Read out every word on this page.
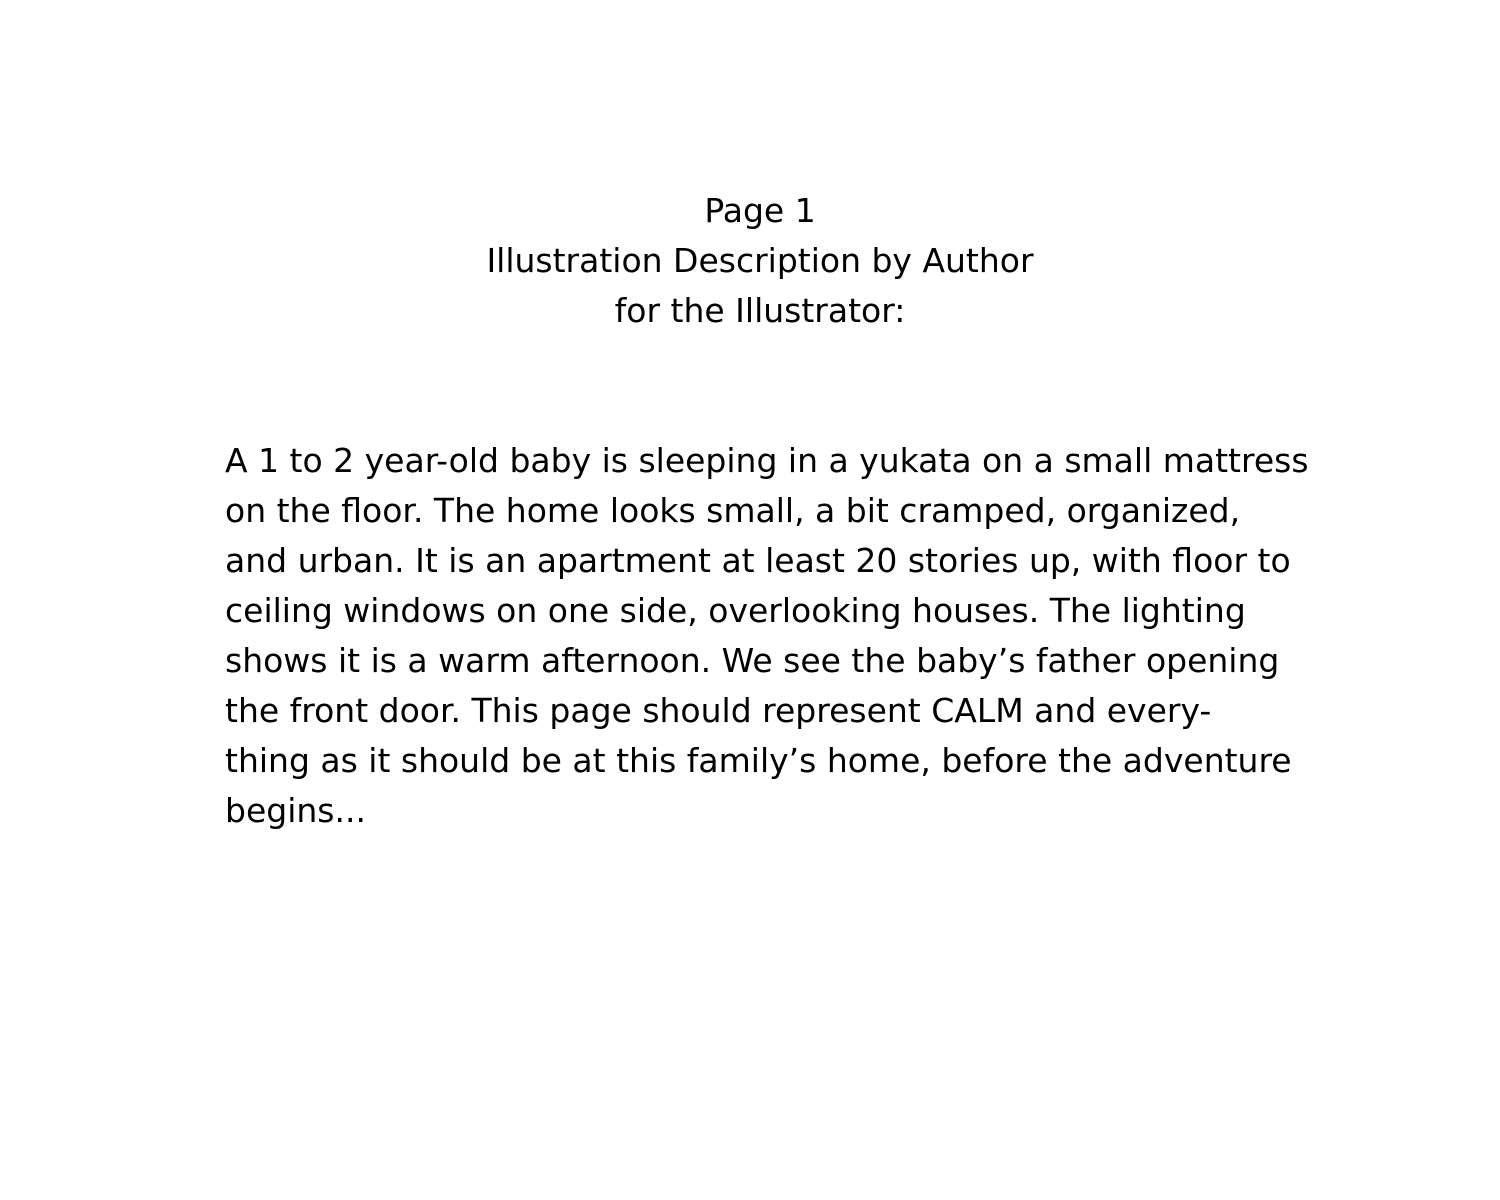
Page 1
Illustration Description by Author
for the Illustrator:
A 1 to 2 year-old baby is sleeping in a yukata on a small mattress
on the floor. The home looks small, a bit cramped, organized,
and urban. It is an apartment at least 20 stories up, with floor to
ceiling windows on one side, overlooking houses. The lighting
shows it is a warm afternoon. We see the baby’s father opening
the front door. This page should represent CALM and every-
thing as it should be at this family’s home, before the adventure
begins...
